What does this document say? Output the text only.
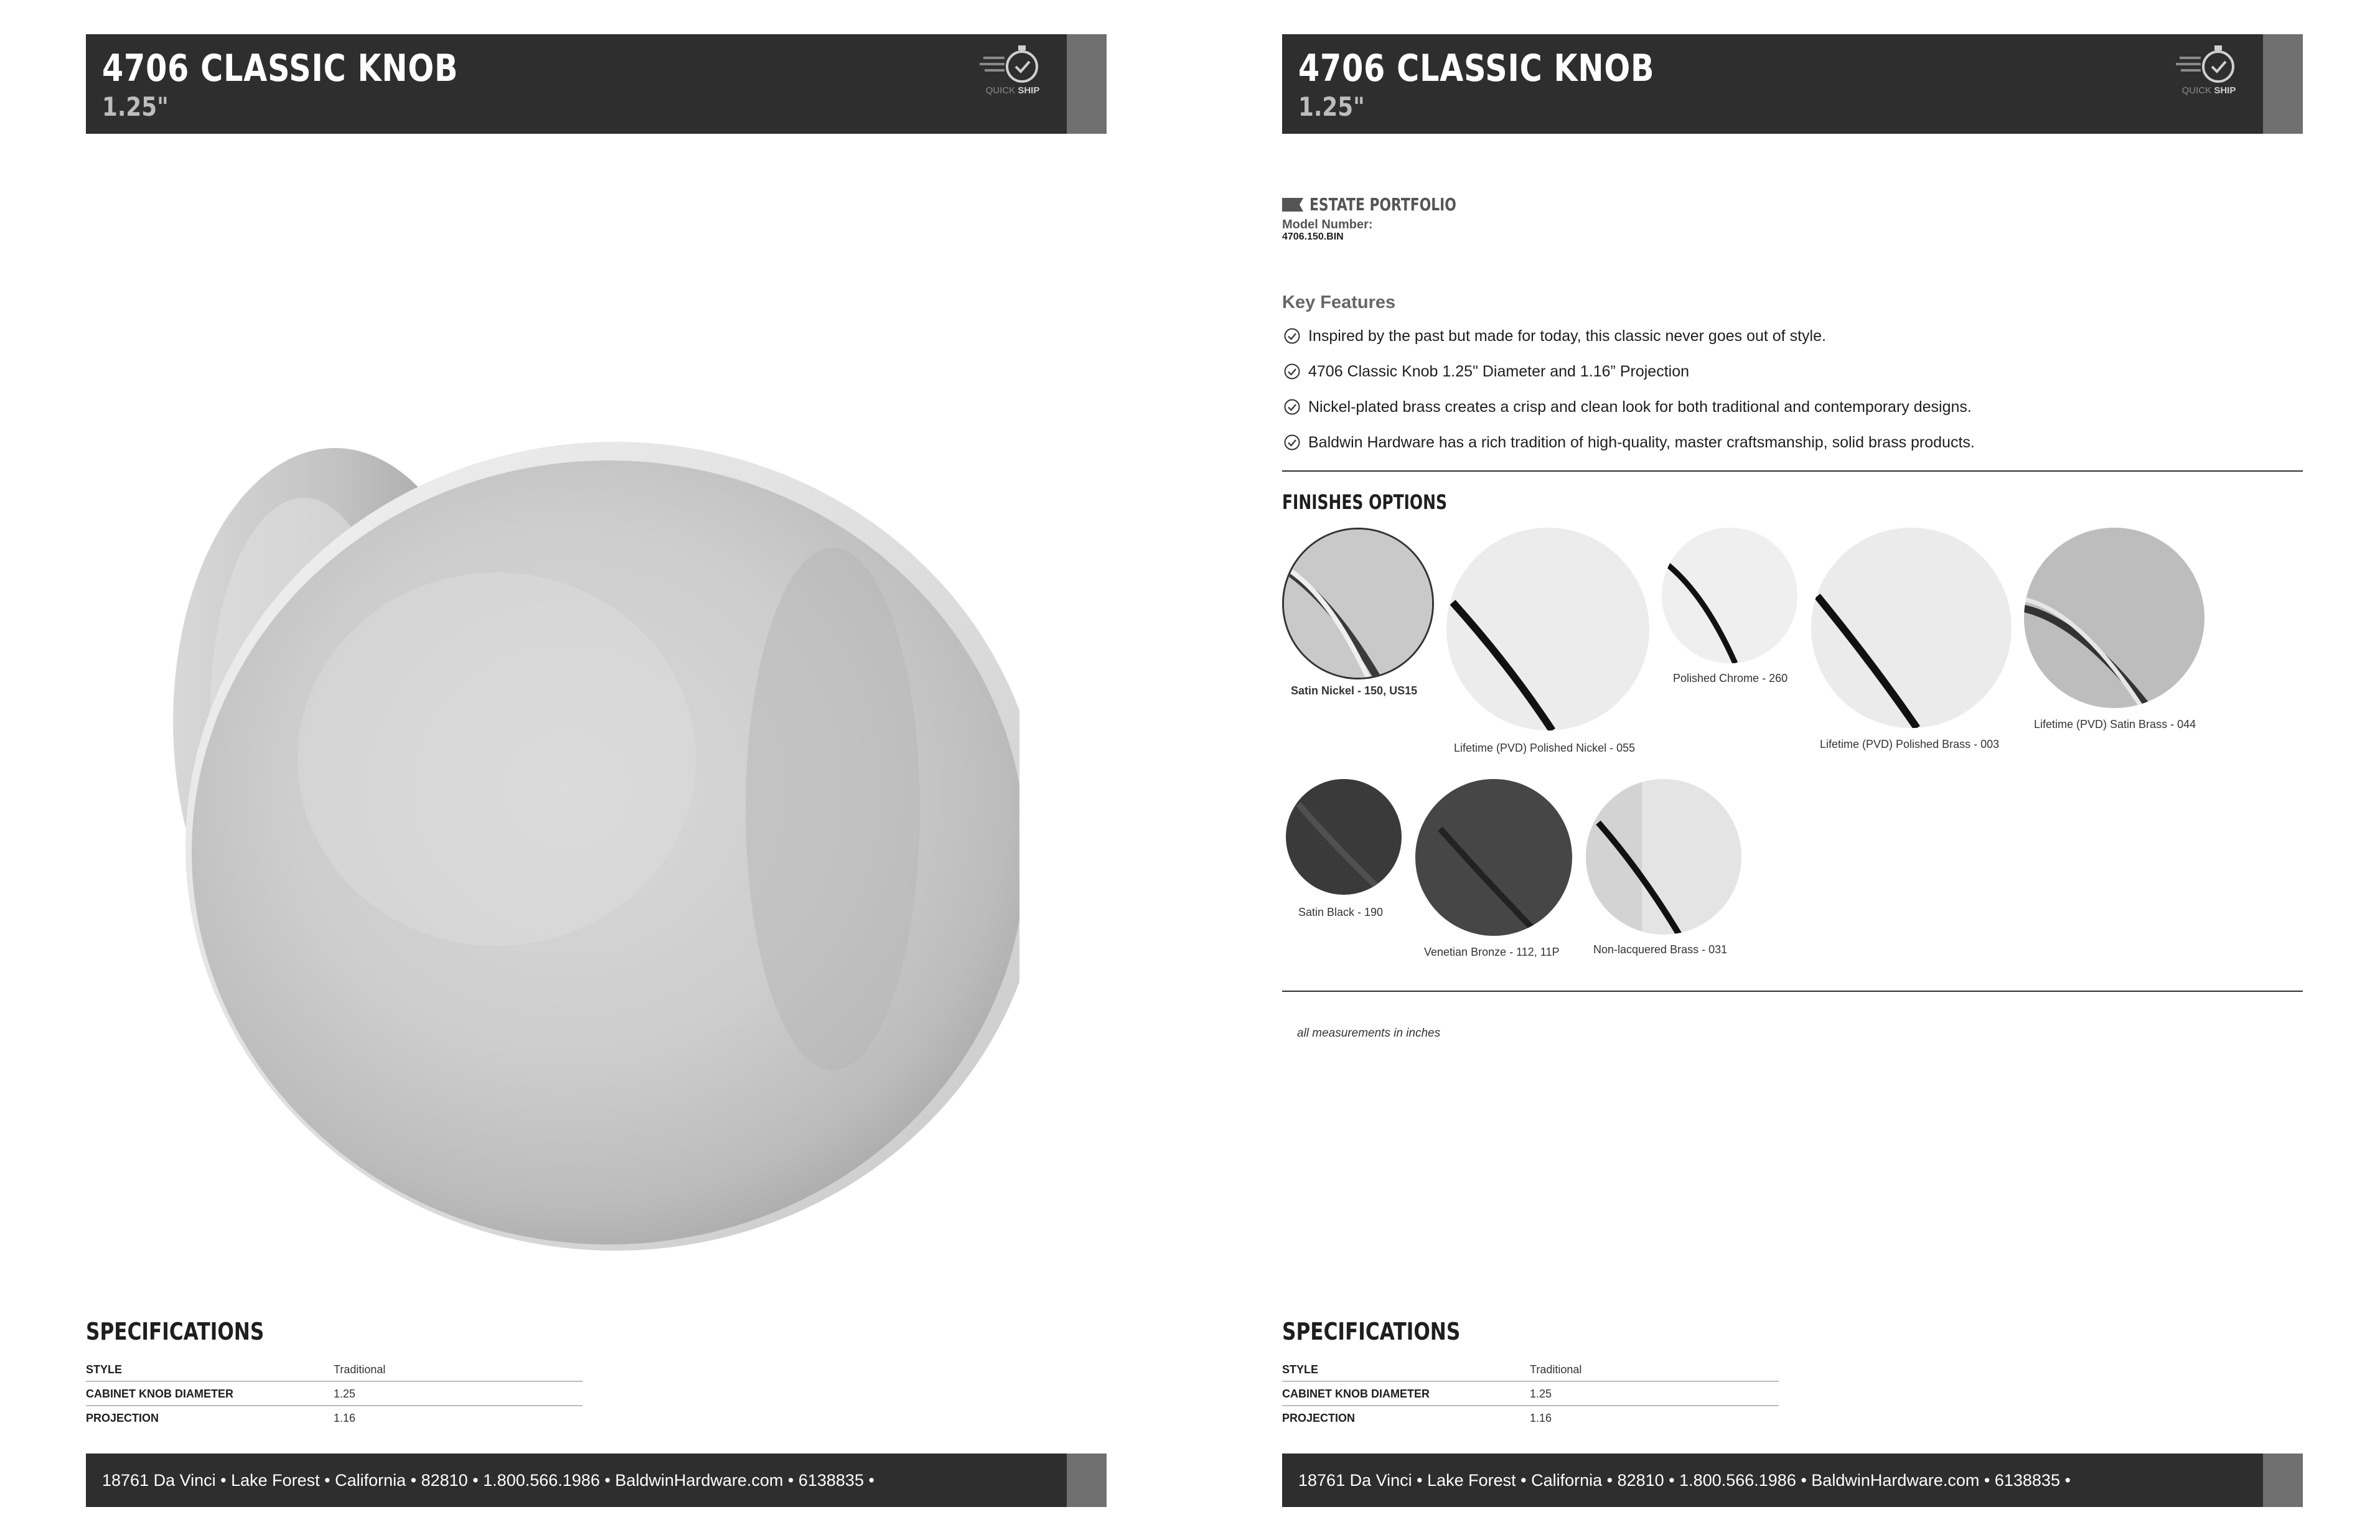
4706 CLASSIC KNOB
1.25"
QUICK SHIP
SPECIFICATIONS
STYLE	Traditional
CABINET KNOB DIAMETER	1.25
PROJECTION	1.16
18761 Da Vinci • Lake Forest • California • 82810 • 1.800.566.1986 • BaldwinHardware.com • 6138835 •
4706 CLASSIC KNOB
1.25"
QUICK SHIP
ESTATE PORTFOLIO
Model Number:
4706.150.BIN
Key Features
Inspired by the past but made for today, this classic never goes out of style.
4706 Classic Knob 1.25" Diameter and 1.16” Projection
Nickel-plated brass creates a crisp and clean look for both traditional and contemporary designs.
Baldwin Hardware has a rich tradition of high-quality, master craftsmanship, solid brass products.
FINISHES OPTIONS
Satin Nickel - 150, US15
Lifetime (PVD) Polished Nickel - 055
Polished Chrome - 260
Lifetime (PVD) Polished Brass - 003
Lifetime (PVD) Satin Brass - 044
Satin Black - 190
Venetian Bronze - 112, 11P	Non-lacquered Brass - 031
all measurements in inches
SPECIFICATIONS
STYLE	Traditional
CABINET KNOB DIAMETER	1.25
PROJECTION	1.16
18761 Da Vinci • Lake Forest • California • 82810 • 1.800.566.1986 • BaldwinHardware.com • 6138835 •
